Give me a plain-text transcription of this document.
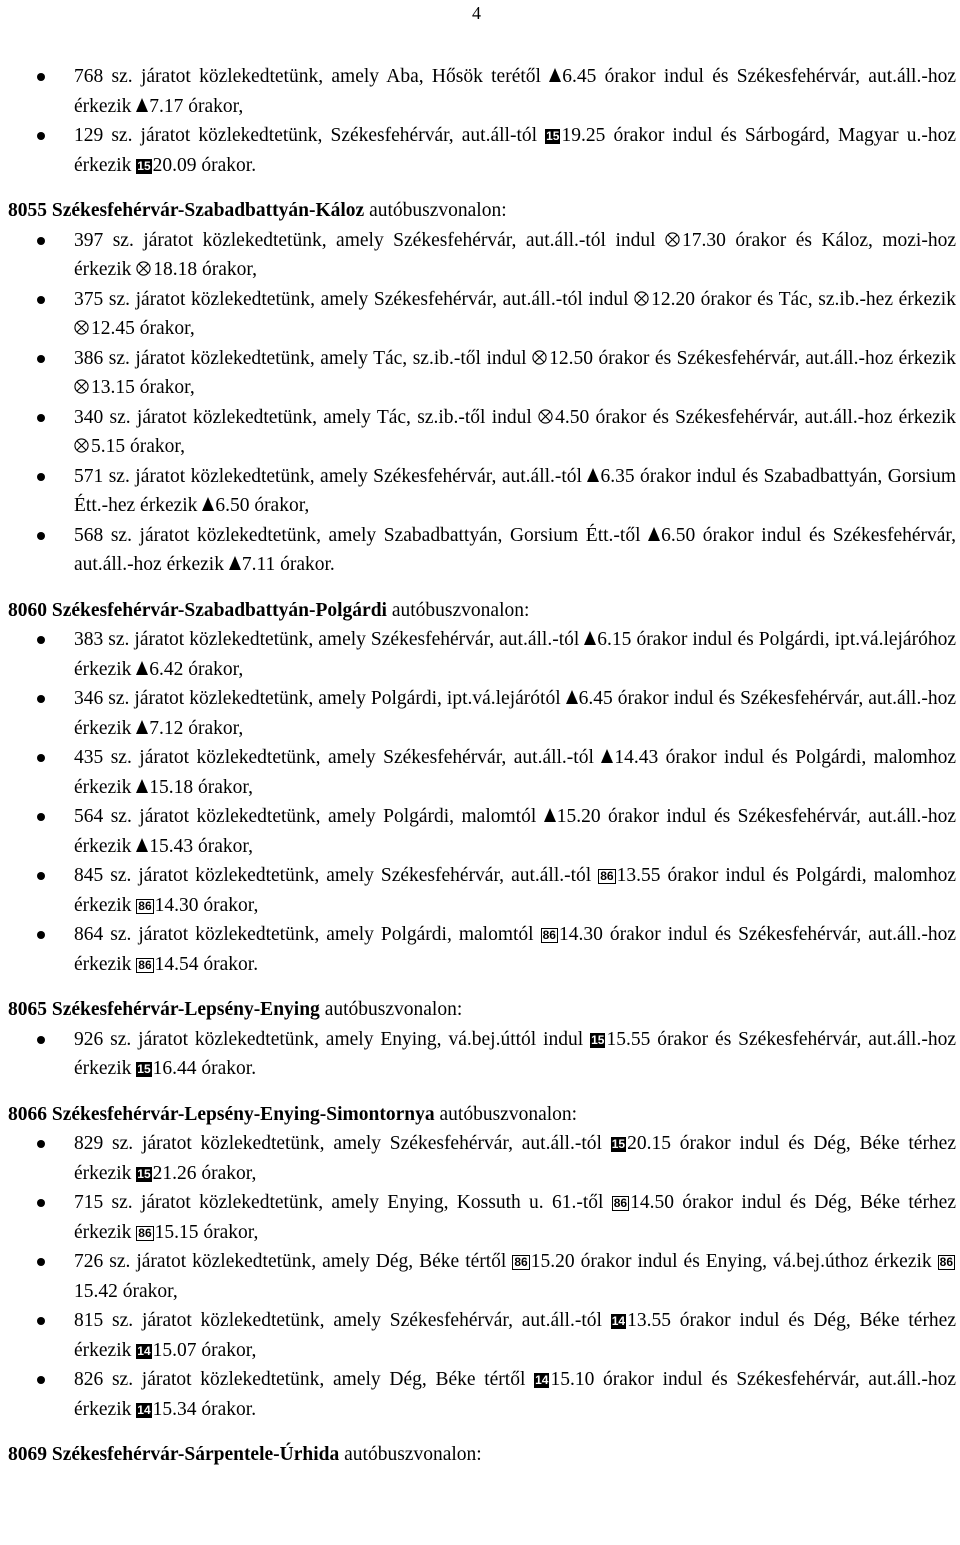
4
768 sz. járatot közlekedtetünk, amely Aba, Hősök terétől 6.45 órakor indul és Székesfehérvár, aut.áll.-hoz érkezik 7.17 órakor,
129 sz. járatot közlekedtetünk, Székesfehérvár, aut.áll-tól 15 19.25 órakor indul és Sárbogárd, Magyar u.-hoz érkezik 15 20.09 órakor.
8055 Székesfehérvár-Szabadbattyán-Káloz autóbuszvonalon:
397 sz. járatot közlekedtetünk, amely Székesfehérvár, aut.áll.-tól indul 17.30 órakor és Káloz, mozi-hoz érkezik 18.18 órakor,
375 sz. járatot közlekedtetünk, amely Székesfehérvár, aut.áll.-tól indul 12.20 órakor és Tác, sz.ib.-hez érkezik 12.45 órakor,
386 sz. járatot közlekedtetünk, amely Tác, sz.ib.-től indul 12.50 órakor és Székesfehérvár, aut.áll.-hoz érkezik 13.15 órakor,
340 sz. járatot közlekedtetünk, amely Tác, sz.ib.-től indul 4.50 órakor és Székesfehérvár, aut.áll.-hoz érkezik 5.15 órakor,
571 sz. járatot közlekedtetünk, amely Székesfehérvár, aut.áll.-tól 6.35 órakor indul és Szabadbattyán, Gorsium Étt.-hez érkezik 6.50 órakor,
568 sz. járatot közlekedtetünk, amely Szabadbattyán, Gorsium Étt.-től 6.50 órakor indul és Székesfehérvár, aut.áll.-hoz érkezik 7.11 órakor.
8060 Székesfehérvár-Szabadbattyán-Polgárdi autóbuszvonalon:
383 sz. járatot közlekedtetünk, amely Székesfehérvár, aut.áll.-tól 6.15 órakor indul és Polgárdi, ipt.vá.lejáróhoz érkezik 6.42 órakor,
346 sz. járatot közlekedtetünk, amely Polgárdi, ipt.vá.lejárótól 6.45 órakor indul és Székesfehérvár, aut.áll.-hoz érkezik 7.12 órakor,
435 sz. járatot közlekedtetünk, amely Székesfehérvár, aut.áll.-tól 14.43 órakor indul és Polgárdi, malomhoz érkezik 15.18 órakor,
564 sz. járatot közlekedtetünk, amely Polgárdi, malomtól 15.20 órakor indul és Székesfehérvár, aut.áll.-hoz érkezik 15.43 órakor,
845 sz. járatot közlekedtetünk, amely Székesfehérvár, aut.áll.-tól 86 13.55 órakor indul és Polgárdi, malomhoz érkezik 86 14.30 órakor,
864 sz. járatot közlekedtetünk, amely Polgárdi, malomtól 86 14.30 órakor indul és Székesfehérvár, aut.áll.-hoz érkezik 86 14.54 órakor.
8065 Székesfehérvár-Lepsény-Enying autóbuszvonalon:
926 sz. járatot közlekedtetünk, amely Enying, vá.bej.úttól indul 15 15.55 órakor és Székesfehérvár, aut.áll.-hoz érkezik 15 16.44 órakor.
8066 Székesfehérvár-Lepsény-Enying-Simontornya autóbuszvonalon:
829 sz. járatot közlekedtetünk, amely Székesfehérvár, aut.áll.-tól 15 20.15 órakor indul és Dég, Béke térhez érkezik 15 21.26 órakor,
715 sz. járatot közlekedtetünk, amely Enying, Kossuth u. 61.-től 86 14.50 órakor indul és Dég, Béke térhez érkezik 86 15.15 órakor,
726 sz. járatot közlekedtetünk, amely Dég, Béke tértől 86 15.20 órakor indul és Enying, vá.bej.úthoz érkezik 8615.42 órakor,
815 sz. járatot közlekedtetünk, amely Székesfehérvár, aut.áll.-tól 14 13.55 órakor indul és Dég, Béke térhez érkezik 14 15.07 órakor,
826 sz. járatot közlekedtetünk, amely Dég, Béke tértől 14 15.10 órakor indul és Székesfehérvár, aut.áll.-hoz érkezik 14 15.34 órakor.
8069 Székesfehérvár-Sárpentele-Úrhida autóbuszvonalon:
